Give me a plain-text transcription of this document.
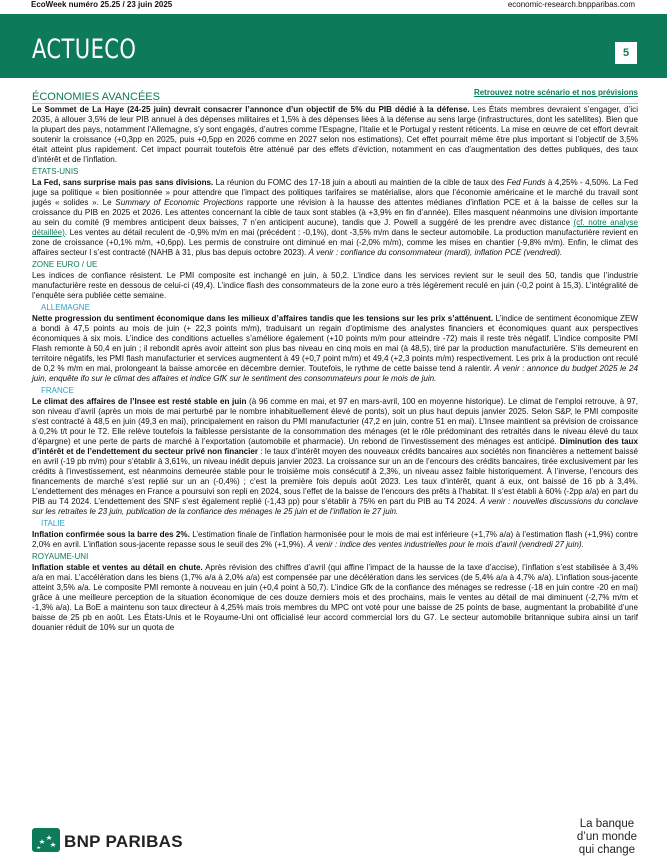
EcoWeek numéro 25.25 / 23 juin 2025	economic-research.bnpparibas.com
ACTUECO	5
ÉCONOMIES AVANCÉES	Retrouvez notre scénario et nos prévisions

Le Sommet de La Haye (24-25 juin) devrait consacrer l’annonce d’un objectif de 5% du PIB dédié à la défense. Les États membres devraient s’engager, d’ici 2035, à allouer 3,5% de leur PIB annuel à des dépenses militaires et 1,5% à des dépenses liées à la défense au sens large (infrastructures, dont les satellites). Bien que la plupart des pays, notamment l’Allemagne, s’y sont engagés, d’autres comme l’Espagne, l’Italie et le Portugal y restent réticents. La mise en œuvre de cet effort devrait soutenir la croissance (+0,3pp en 2025, puis +0,5pp en 2026 comme en 2027 selon nos estimations). Cet effet pourrait même être plus important si l’objectif de 3,5% était atteint plus rapidement. Cet impact pourrait toutefois être atténué par des effets d’éviction, notamment en cas d’augmentation des dettes publiques, des taux d’intérêt et de l’inflation.

ÉTATS-UNIS

La Fed, sans surprise mais pas sans divisions. La réunion du FOMC des 17-18 juin a abouti au maintien de la cible de taux des Fed Funds à 4,25% - 4,50%. La Fed juge sa politique « bien positionnée » pour attendre que l’impact des politiques tarifaires se matérialise, alors que l’économie américaine et le marché du travail sont jugés « solides ». Le Summary of Economic Projections rapporte une révision à la hausse des attentes médianes d’inflation PCE et à la baisse de celles sur la croissance du PIB en 2025 et 2026. Les attentes concernant la cible de taux sont stables (à +3,9% en fin d’année). Elles masquent néanmoins une division importante au sein du comité (9 membres anticipent deux baisses, 7 n’en anticipent aucune), tandis que J. Powell a suggéré de les prendre avec distance (cf. notre analyse détaillée). Les ventes au détail reculent de -0,9% m/m en mai (précédent : -0,1%), dont -3,5% m/m dans le secteur automobile. La production manufacturière revient en zone de croissance (+0,1% m/m, +0,6pp). Les permis de construire ont diminué en mai (-2,0% m/m), comme les mises en chantier (-9,8% m/m). Enfin, le climat des affaires secteur l s’est contracté (NAHB à 31, plus bas depuis octobre 2023). À venir : confiance du consommateur (mardi), inflation PCE (vendredi).

ZONE EURO / UE

Les indices de confiance résistent. Le PMI composite est inchangé en juin, à 50,2. L’indice dans les services revient sur le seuil des 50, tandis que l’industrie manufacturière reste en dessous de celui-ci (49,4). L’indice flash des consommateurs de la zone euro a très légèrement reculé en juin (-0,2 point à 15,3). L’intégralité de l’enquête sera publiée cette semaine.

ALLEMAGNE

Nette progression du sentiment économique dans les milieux d’affaires tandis que les tensions sur les prix s’atténuent. L’indice de sentiment économique ZEW a bondi à 47,5 points au mois de juin (+ 22,3 points m/m), traduisant un regain d’optimisme des analystes financiers et économiques quant aux perspectives économiques à six mois. L’indice des conditions actuelles s’améliore également (+10 points m/m pour atteindre -72) mais il reste très négatif. L’indice composite PMI Flash remonte à 50,4 en juin ; il rebondit après avoir atteint son plus bas niveau en cinq mois en mai (à 48,5), tiré par la production manufacturière. S’ils demeurent en territoire négatifs, les PMI flash manufacturier et services augmentent à 49 (+0,7 point m/m) et 49,4 (+2,3 points m/m) respectivement. Les prix à la production ont reculé de 0,2 % m/m en mai, prolongeant la baisse amorcée en décembre dernier. Toutefois, le rythme de cette baisse tend à ralentir. À venir : annonce du budget 2025 le 24 juin, enquête ifo sur le climat des affaires et indice GfK sur le sentiment des consommateurs pour le mois de juin.

FRANCE

Le climat des affaires de l’Insee est resté stable en juin (à 96 comme en mai, et 97 en mars-avril, 100 en moyenne historique). Le climat de l’emploi retrouve, à 97, son niveau d’avril (après un mois de mai perturbé par le nombre inhabituellement élevé de ponts), soit un plus haut depuis janvier 2025. Selon S&P, le PMI composite s’est contracté à 48,5 en juin (49,3 en mai), principalement en raison du PMI manufacturier (47,2 en juin, contre 51 en mai). L’Insee maintient sa prévision de croissance à 0,2% t/t pour le T2. Elle relève toutefois la faiblesse persistante de la consommation des ménages (et le rôle prédominant des retraités dans le niveau élevé du taux d’épargne) et une perte de parts de marché à l’exportation (automobile et pharmacie). Un rebond de l’investissement des ménages est anticipé. Diminution des taux d’intérêt et de l’endettement du secteur privé non financier : le taux d’intérêt moyen des nouveaux crédits bancaires aux sociétés non financières a nettement baissé en avril (-19 pb m/m) pour s’établir à 3,61%, un niveau inédit depuis janvier 2023. La croissance sur un an de l’encours des crédits bancaires, tirée exclusivement par les crédits à l’investissement, est néanmoins demeurée stable pour le troisième mois consécutif à 2,3%, un niveau assez faible historiquement. À l’inverse, l’encours des financements de marché s’est replié sur un an (-0,4%) ; c’est la première fois depuis août 2023. Les taux d’intérêt, quant à eux, ont baissé de 16 pb à 3,4%. L’endettement des ménages en France a poursuivi son repli en 2024, sous l’effet de la baisse de l’encours des prêts à l’habitat. Il s’est établi à 60% (-2pp a/a) en part du PIB au T4 2024. L’endettement des SNF s’est également replié (-1,43 pp) pour s’établir à 75% en part du PIB au T4 2024. À venir : nouvelles discussions du conclave sur les retraites le 23 juin, publication de la confiance des ménages le 25 juin et de l’inflation le 27 juin.

ITALIE

Inflation confirmée sous la barre des 2%. L’estimation finale de l’inflation harmonisée pour le mois de mai est inférieure (+1,7% a/a) à l’estimation flash (+1,9%) contre 2,0% en avril. L’inflation sous-jacente repasse sous le seuil des 2% (+1,9%). À venir : indice des ventes industrielles pour le mois d’avril (vendredi 27 juin).

ROYAUME-UNI

Inflation stable et ventes au détail en chute. Après révision des chiffres d’avril (qui affine l’impact de la hausse de la taxe d’accise), l’inflation s’est stabilisée à 3,4% a/a en mai. L’accélération dans les biens (1,7% a/a à 2,0% a/a) est compensée par une décélération dans les services (de 5,4% a/a à 4,7% a/a). L’inflation sous-jacente atteint 3,5% a/a. Le composite PMI remonte à nouveau en juin (+0,4 point à 50,7). L’indice Gfk de la confiance des ménages se redresse (-18 en juin contre -20 en mai) grâce à une meilleure perception de la situation économique de ces douze derniers mois et des prochains, mais le ventes au détail de mai diminuent (-2,7% m/m et -1,3% a/a). La BoE a maintenu son taux directeur à 4,25% mais trois membres du MPC ont voté pour une baisse de 25 points de base, augmentant la probabilité d’une baisse de 25 pb en août. Les États-Unis et le Royaume-Uni ont officialisé leur accord commercial lors du G7. Le secteur automobile britannique subira ainsi un tarif douanier réduit de 10% sur un quota de

BNP PARIBAS
La banque
d’un monde
qui change
